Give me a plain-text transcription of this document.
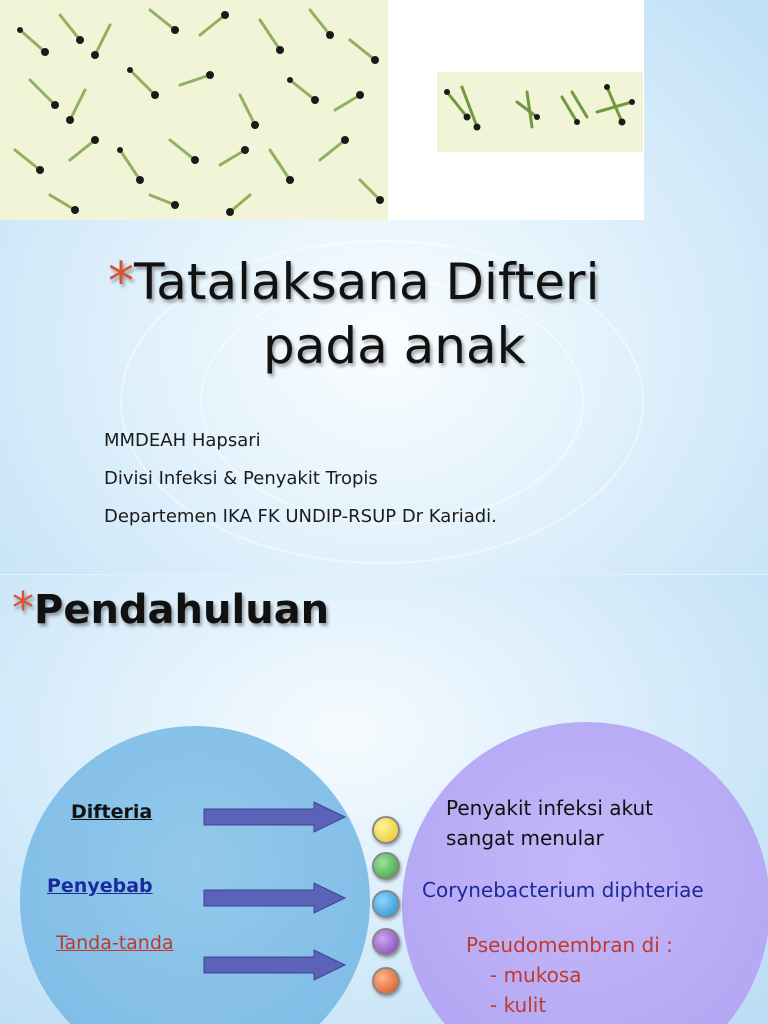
*Tatalaksana Difteri
pada anak
MMDEAH Hapsari
Divisi Infeksi & Penyakit Tropis
Departemen IKA FK UNDIP-RSUP Dr Kariadi.
*Pendahuluan
Difteria
Penyebab
Tanda-tanda
Penyakit infeksi akut
sangat menular
Corynebacterium diphteriae
Pseudomembran di :
- mukosa
- kulit
